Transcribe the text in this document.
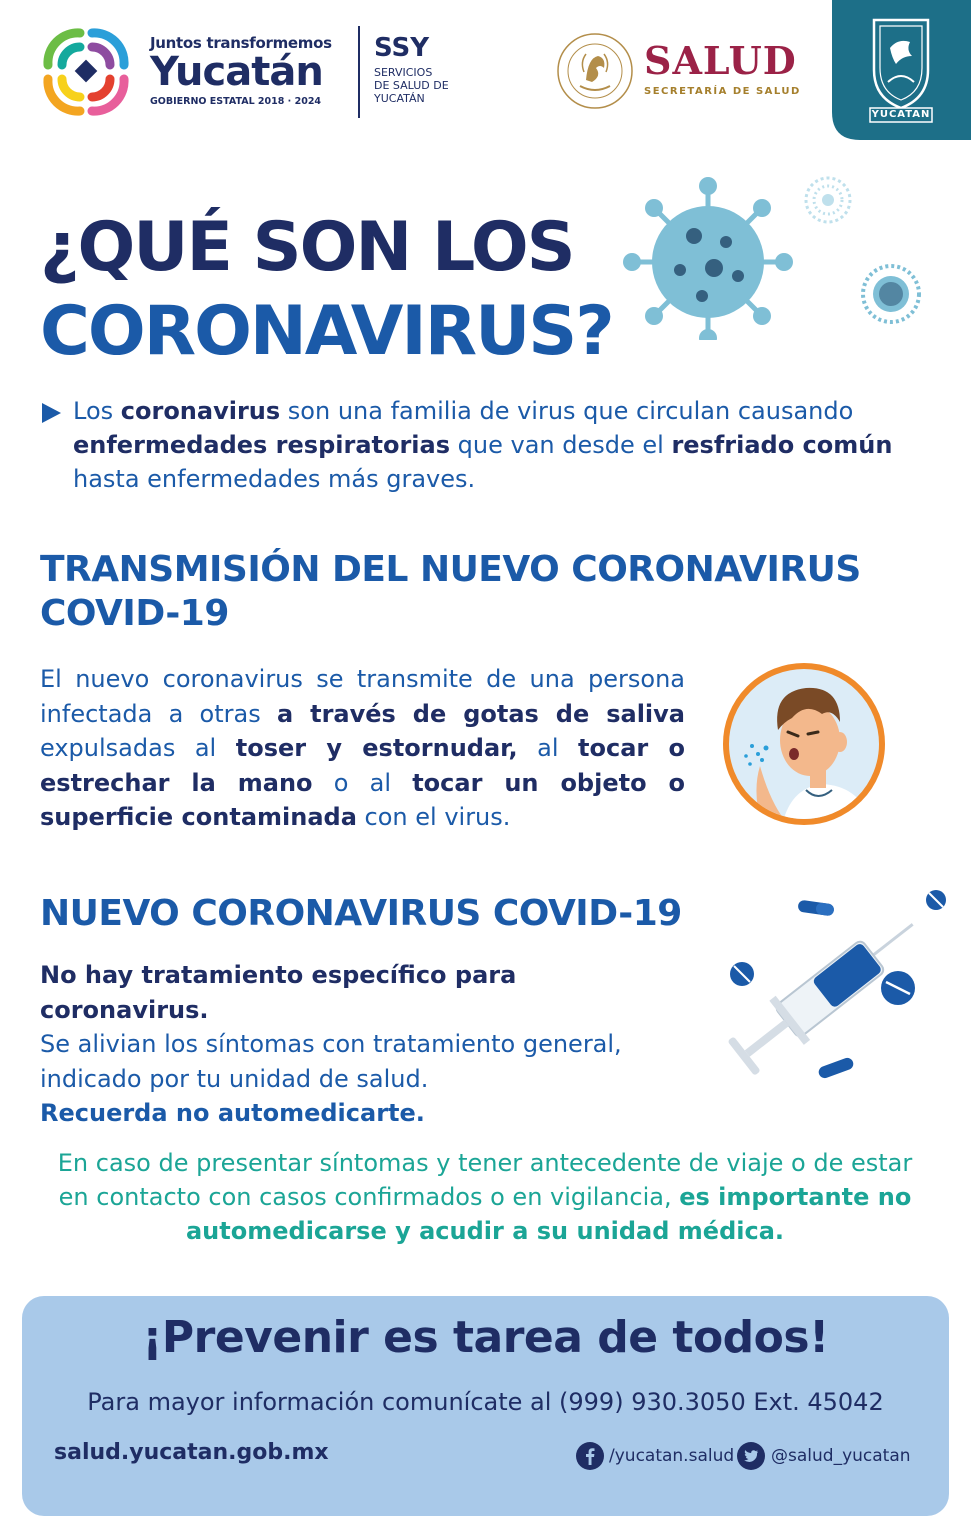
Juntos transformemos
Yucatán
GOBIERNO ESTATAL 2018 · 2024
SSY
SERVICIOS
DE SALUD DE
YUCATÁN
SALUD
SECRETARÍA DE SALUD
YUCATAN
¿QUÉ SON LOS
CORONAVIRUS?
Los coronavirus son una familia de virus que circulan causando enfermedades respiratorias que van desde el resfriado común hasta enfermedades más graves.
TRANSMISIÓN DEL NUEVO CORONAVIRUS
COVID-19
El nuevo coronavirus se transmite de una persona infectada a otras a través de gotas de saliva expulsadas al toser y estornudar, al tocar o estrechar la mano o al tocar un objeto o superficie contaminada con el virus.
NUEVO CORONAVIRUS COVID-19
No hay tratamiento específico para coronavirus.
Se alivian los síntomas con tratamiento general,
indicado por tu unidad de salud.
Recuerda no automedicarte.
En caso de presentar síntomas y tener antecedente de viaje o de estar en contacto con casos confirmados o en vigilancia, es importante no automedicarse y acudir a su unidad médica.
¡Prevenir es tarea de todos!
Para mayor información comunícate al (999) 930.3050 Ext. 45042
salud.yucatan.gob.mx	/yucatan.salud @salud_yucatan
